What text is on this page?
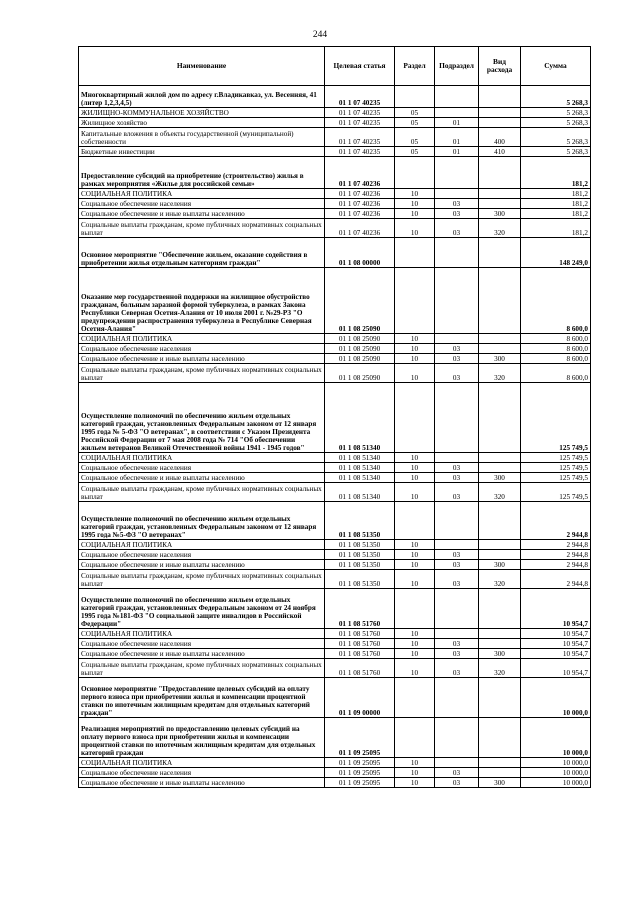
244
Наименование	Целевая статья	Раздел	Подраздел	Вид расхода	Сумма
Многоквартирный жилой дом по адресу г.Владикавказ, ул. Весенняя, 41 (литер 1,2,3,4,5)	01 1 07 40235				5 268,3
ЖИЛИЩНО-КОММУНАЛЬНОЕ ХОЗЯЙСТВО	01 1 07 40235	05			5 268,3
Жилищное хозяйство	01 1 07 40235	05	01		5 268,3
Капитальные вложения в объекты государственной (муниципальной) собственности	01 1 07 40235	05	01	400	5 268,3
Бюджетные инвестиции	01 1 07 40235	05	01	410	5 268,3
Предоставление субсидий на приобретение (строительство) жилья в рамках мероприятия «Жилье для российской семьи»	01 1 07 40236				181,2
СОЦИАЛЬНАЯ ПОЛИТИКА	01 1 07 40236	10			181,2
Социальное обеспечение населения	01 1 07 40236	10	03		181,2
Социальное обеспечение и иные выплаты населению	01 1 07 40236	10	03	300	181,2
Социальные выплаты гражданам, кроме публичных нормативных социальных выплат	01 1 07 40236	10	03	320	181,2
Основное мероприятие "Обеспечение жильем, оказание содействия в приобретении жилья отдельным категориям граждан"	01 1 08 00000				148 249,0
Оказание мер государственной поддержки на жилищное обустройство гражданам, больным заразной формой туберкулеза, в рамках Закона Республики Северная Осетия-Алания от 10 июля 2001 г. №29-РЗ "О предупреждении распространения туберкулеза в Республике Северная Осетия-Алания"	01 1 08 25090				8 600,0
СОЦИАЛЬНАЯ ПОЛИТИКА	01 1 08 25090	10			8 600,0
Социальное обеспечение населения	01 1 08 25090	10	03		8 600,0
Социальное обеспечение и иные выплаты населению	01 1 08 25090	10	03	300	8 600,0
Социальные выплаты гражданам, кроме публичных нормативных социальных выплат	01 1 08 25090	10	03	320	8 600,0
Осуществление полномочий по обеспечению жильем отдельных категорий граждан, установленных Федеральным законом от 12 января 1995 года № 5-ФЗ "О ветеранах", в соответствии с Указом Президента Российской Федерации от 7 мая 2008 года № 714 "Об обеспечении жильем ветеранов Великой Отечественной войны 1941 - 1945 годов"	01 1 08 51340				125 749,5
СОЦИАЛЬНАЯ ПОЛИТИКА	01 1 08 51340	10			125 749,5
Социальное обеспечение населения	01 1 08 51340	10	03		125 749,5
Социальное обеспечение и иные выплаты населению	01 1 08 51340	10	03	300	125 749,5
Социальные выплаты гражданам, кроме публичных нормативных социальных выплат	01 1 08 51340	10	03	320	125 749,5
Осуществление полномочий по обеспечению жильем отдельных категорий граждан, установленных Федеральным законом от 12 января 1995 года №5-ФЗ "О ветеранах"	01 1 08 51350				2 944,8
СОЦИАЛЬНАЯ ПОЛИТИКА	01 1 08 51350	10			2 944,8
Социальное обеспечение населения	01 1 08 51350	10	03		2 944,8
Социальное обеспечение и иные выплаты населению	01 1 08 51350	10	03	300	2 944,8
Социальные выплаты гражданам, кроме публичных нормативных социальных выплат	01 1 08 51350	10	03	320	2 944,8
Осуществление полномочий по обеспечению жильем отдельных категорий граждан, установленных Федеральным законом от 24 ноября 1995 года №181-ФЗ "О социальной защите инвалидов в Российской Федерации"	01 1 08 51760				10 954,7
СОЦИАЛЬНАЯ ПОЛИТИКА	01 1 08 51760	10			10 954,7
Социальное обеспечение населения	01 1 08 51760	10	03		10 954,7
Социальное обеспечение и иные выплаты населению	01 1 08 51760	10	03	300	10 954,7
Социальные выплаты гражданам, кроме публичных нормативных социальных выплат	01 1 08 51760	10	03	320	10 954,7
Основное мероприятие "Предоставление целевых субсидий на оплату первого взноса при приобретении жилья и компенсации процентной ставки по ипотечным жилищным кредитам для отдельных категорий граждан"	01 1 09 00000				10 000,0
Реализация мероприятий по предоставлению целевых субсидий на оплату первого взноса при приобретении жилья и компенсации процентной ставки по ипотечным жилищным кредитам для отдельных категорий граждан	01 1 09 25095				10 000,0
СОЦИАЛЬНАЯ ПОЛИТИКА	01 1 09 25095	10			10 000,0
Социальное обеспечение населения	01 1 09 25095	10	03		10 000,0
Социальное обеспечение и иные выплаты населению	01 1 09 25095	10	03	300	10 000,0
